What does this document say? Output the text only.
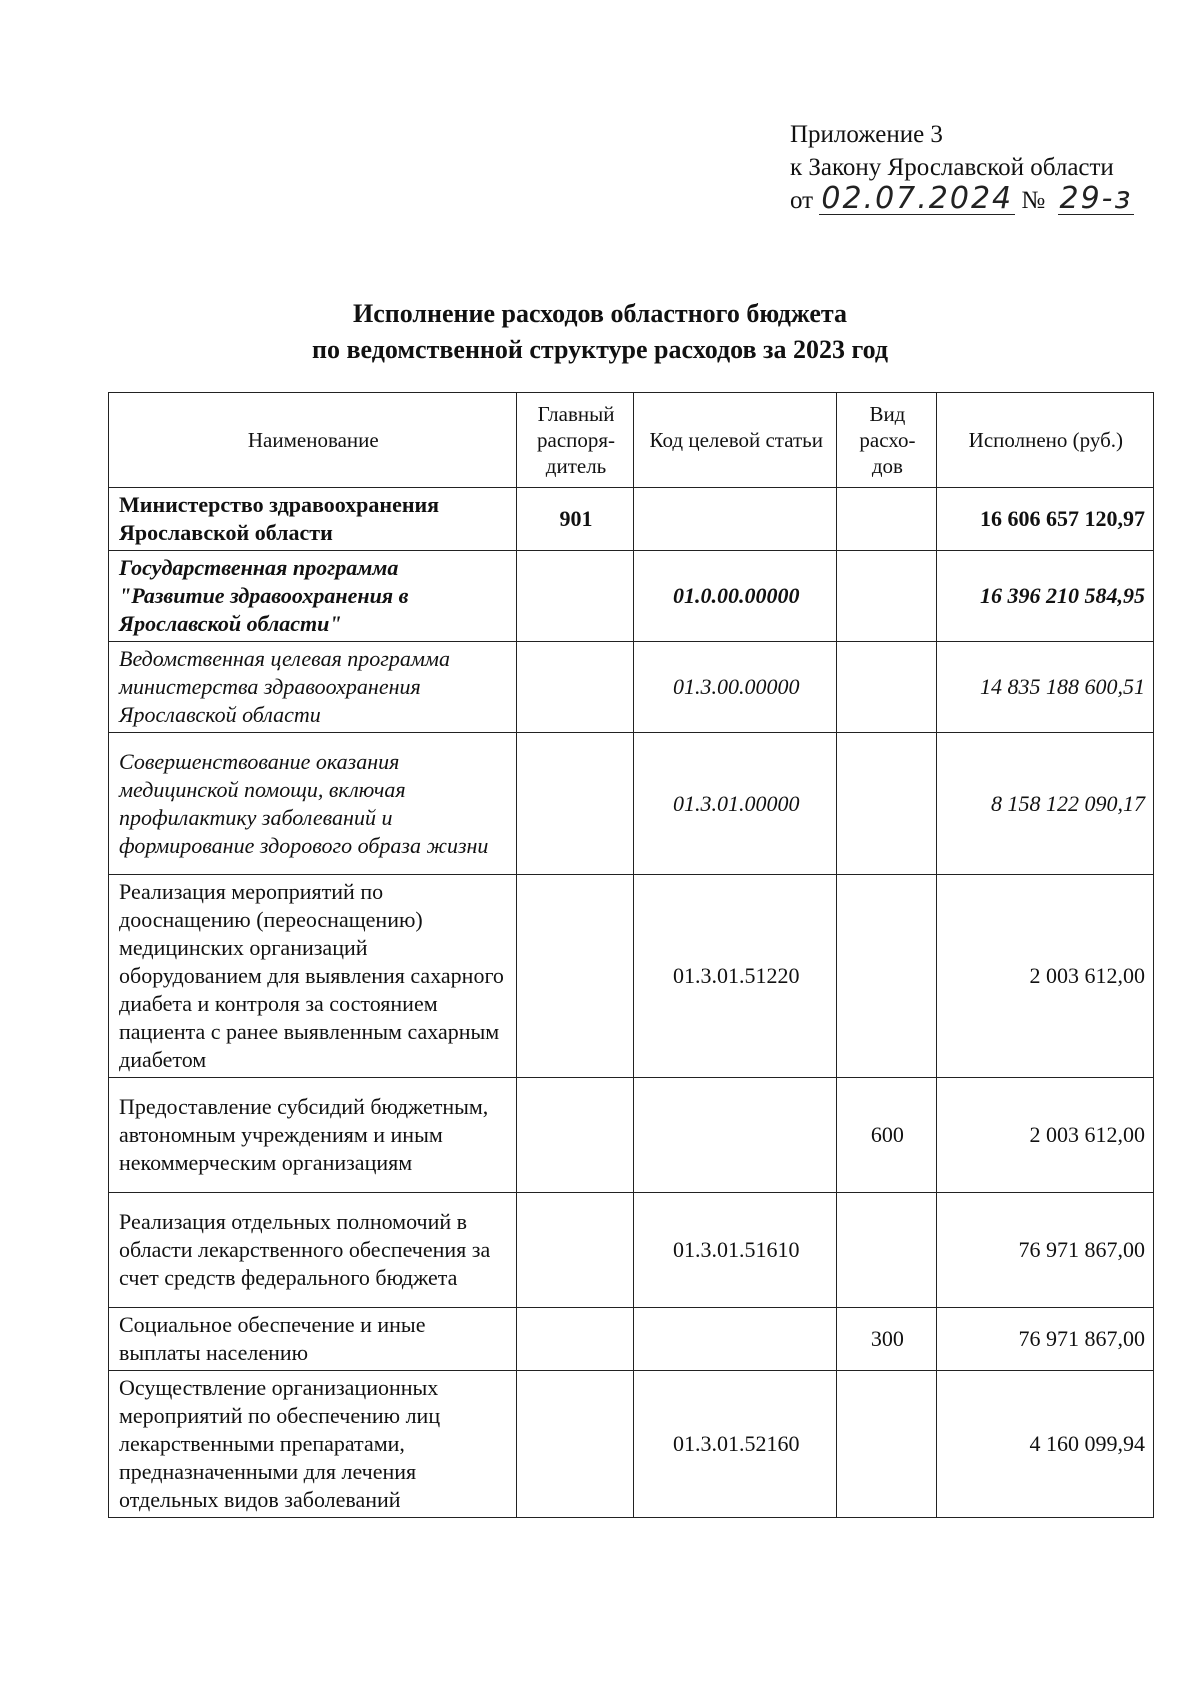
Приложение 3
к Закону Ярославской области
от 02.07.2024 № 29-з
Исполнение расходов областного бюджета
по ведомственной структуре расходов за 2023 год
Наименование	Главный распоря-дитель	Код целевой статьи	Вид расхо-дов	Исполнено (руб.)
Министерство здравоохранения Ярославской области	901			16 606 657 120,97
Государственная программа "Развитие здравоохранения в Ярославской области"		01.0.00.00000		16 396 210 584,95
Ведомственная целевая программа министерства здравоохранения Ярославской области		01.3.00.00000		14 835 188 600,51
Совершенствование оказания медицинской помощи, включая профилактику заболеваний и формирование здорового образа жизни		01.3.01.00000		8 158 122 090,17
Реализация мероприятий по дооснащению (переоснащению) медицинских организаций оборудованием для выявления сахарного диабета и контроля за состоянием пациента с ранее выявленным сахарным диабетом		01.3.01.51220		2 003 612,00
Предоставление субсидий бюджетным, автономным учреждениям и иным некоммерческим организациям			600	2 003 612,00
Реализация отдельных полномочий в области лекарственного обеспечения за счет средств федерального бюджета		01.3.01.51610		76 971 867,00
Социальное обеспечение и иные выплаты населению			300	76 971 867,00
Осуществление организационных мероприятий по обеспечению лиц лекарственными препаратами, предназначенными для лечения отдельных видов заболеваний		01.3.01.52160		4 160 099,94
